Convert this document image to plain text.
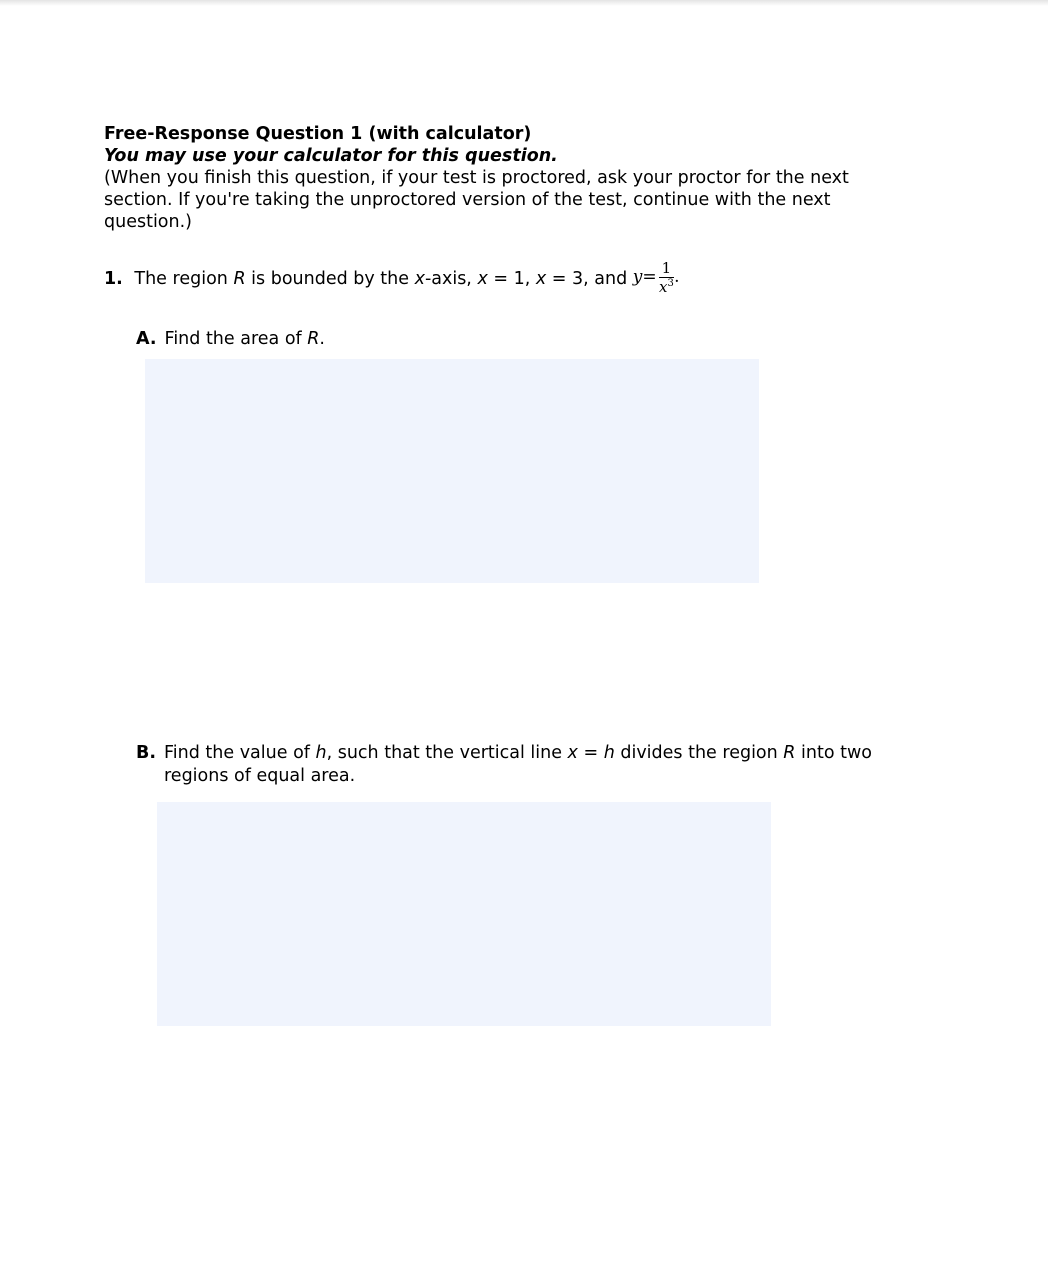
Free-Response Question 1 (with calculator)
You may use your calculator for this question.
(When you finish this question, if your test is proctored, ask your proctor for the next section. If you're taking the unproctored version of the test, continue with the next question.)
1. The region R is bounded by the x-axis, x = 1, x = 3, and $y= \frac{1}{x^3}$ .
A. Find the area of R.
B. Find the value of h, such that the vertical line x = h divides the region R into two regions of equal area.
